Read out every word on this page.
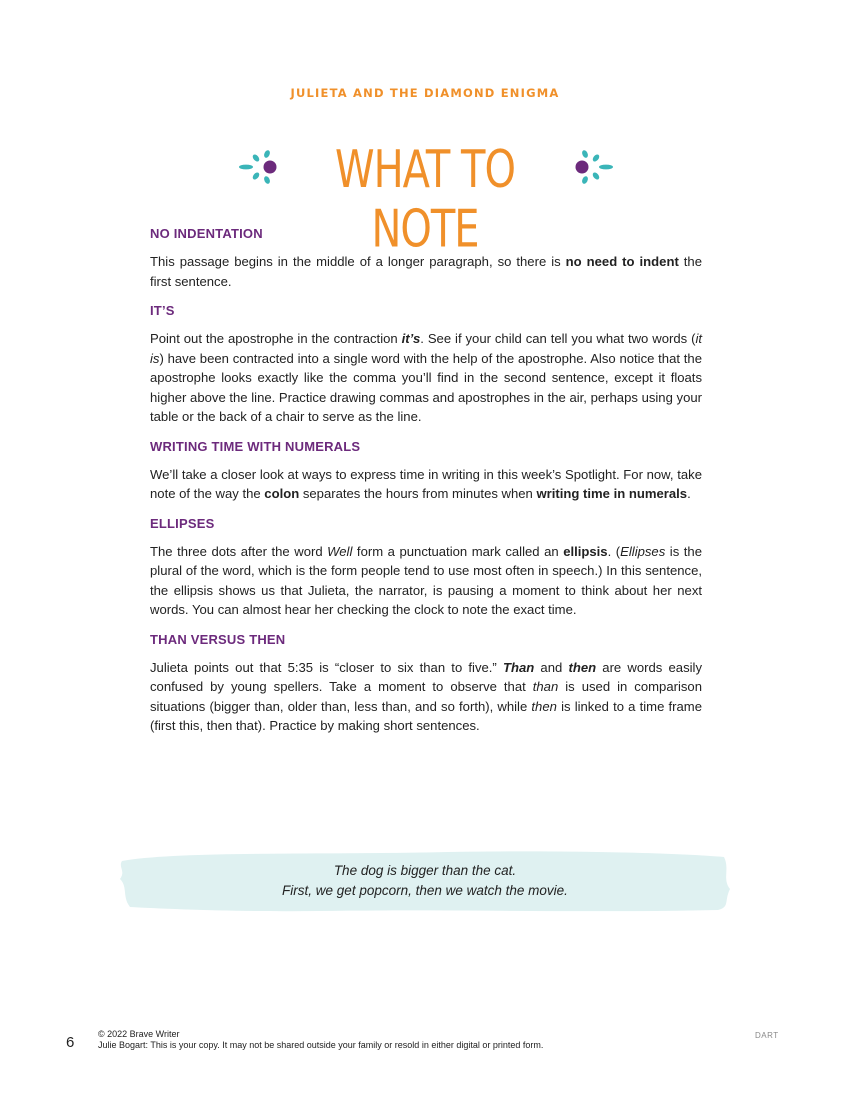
JULIETA AND THE DIAMOND ENIGMA
WHAT TO NOTE
NO INDENTATION

This passage begins in the middle of a longer paragraph, so there is no need to indent the first sentence.

IT’S

Point out the apostrophe in the contraction it’s. See if your child can tell you what two words (it is) have been contracted into a single word with the help of the apostrophe. Also notice that the apostrophe looks exactly like the comma you’ll find in the second sentence, except it floats higher above the line. Practice drawing commas and apostrophes in the air, perhaps using your table or the back of a chair to serve as the line.

WRITING TIME WITH NUMERALS

We’ll take a closer look at ways to express time in writing in this week’s Spotlight. For now, take note of the way the colon separates the hours from minutes when writing time in numerals.

ELLIPSES

The three dots after the word Well form a punctuation mark called an ellipsis. (Ellipses is the plural of the word, which is the form people tend to use most often in speech.) In this sentence, the ellipsis shows us that Julieta, the narrator, is pausing a moment to think about her next words. You can almost hear her checking the clock to note the exact time.

THAN VERSUS THEN

Julieta points out that 5:35 is “closer to six than to five.” Than and then are words easily confused by young spellers. Take a moment to observe that than is used in comparison situations (bigger than, older than, less than, and so forth), while then is linked to a time frame (first this, then that). Practice by making short sentences.

The dog is bigger than the cat.
First, we get popcorn, then we watch the movie.
6	© 2022 Brave Writer
Julie Bogart: This is your copy. It may not be shared outside your family or resold in either digital or printed form.
DART
